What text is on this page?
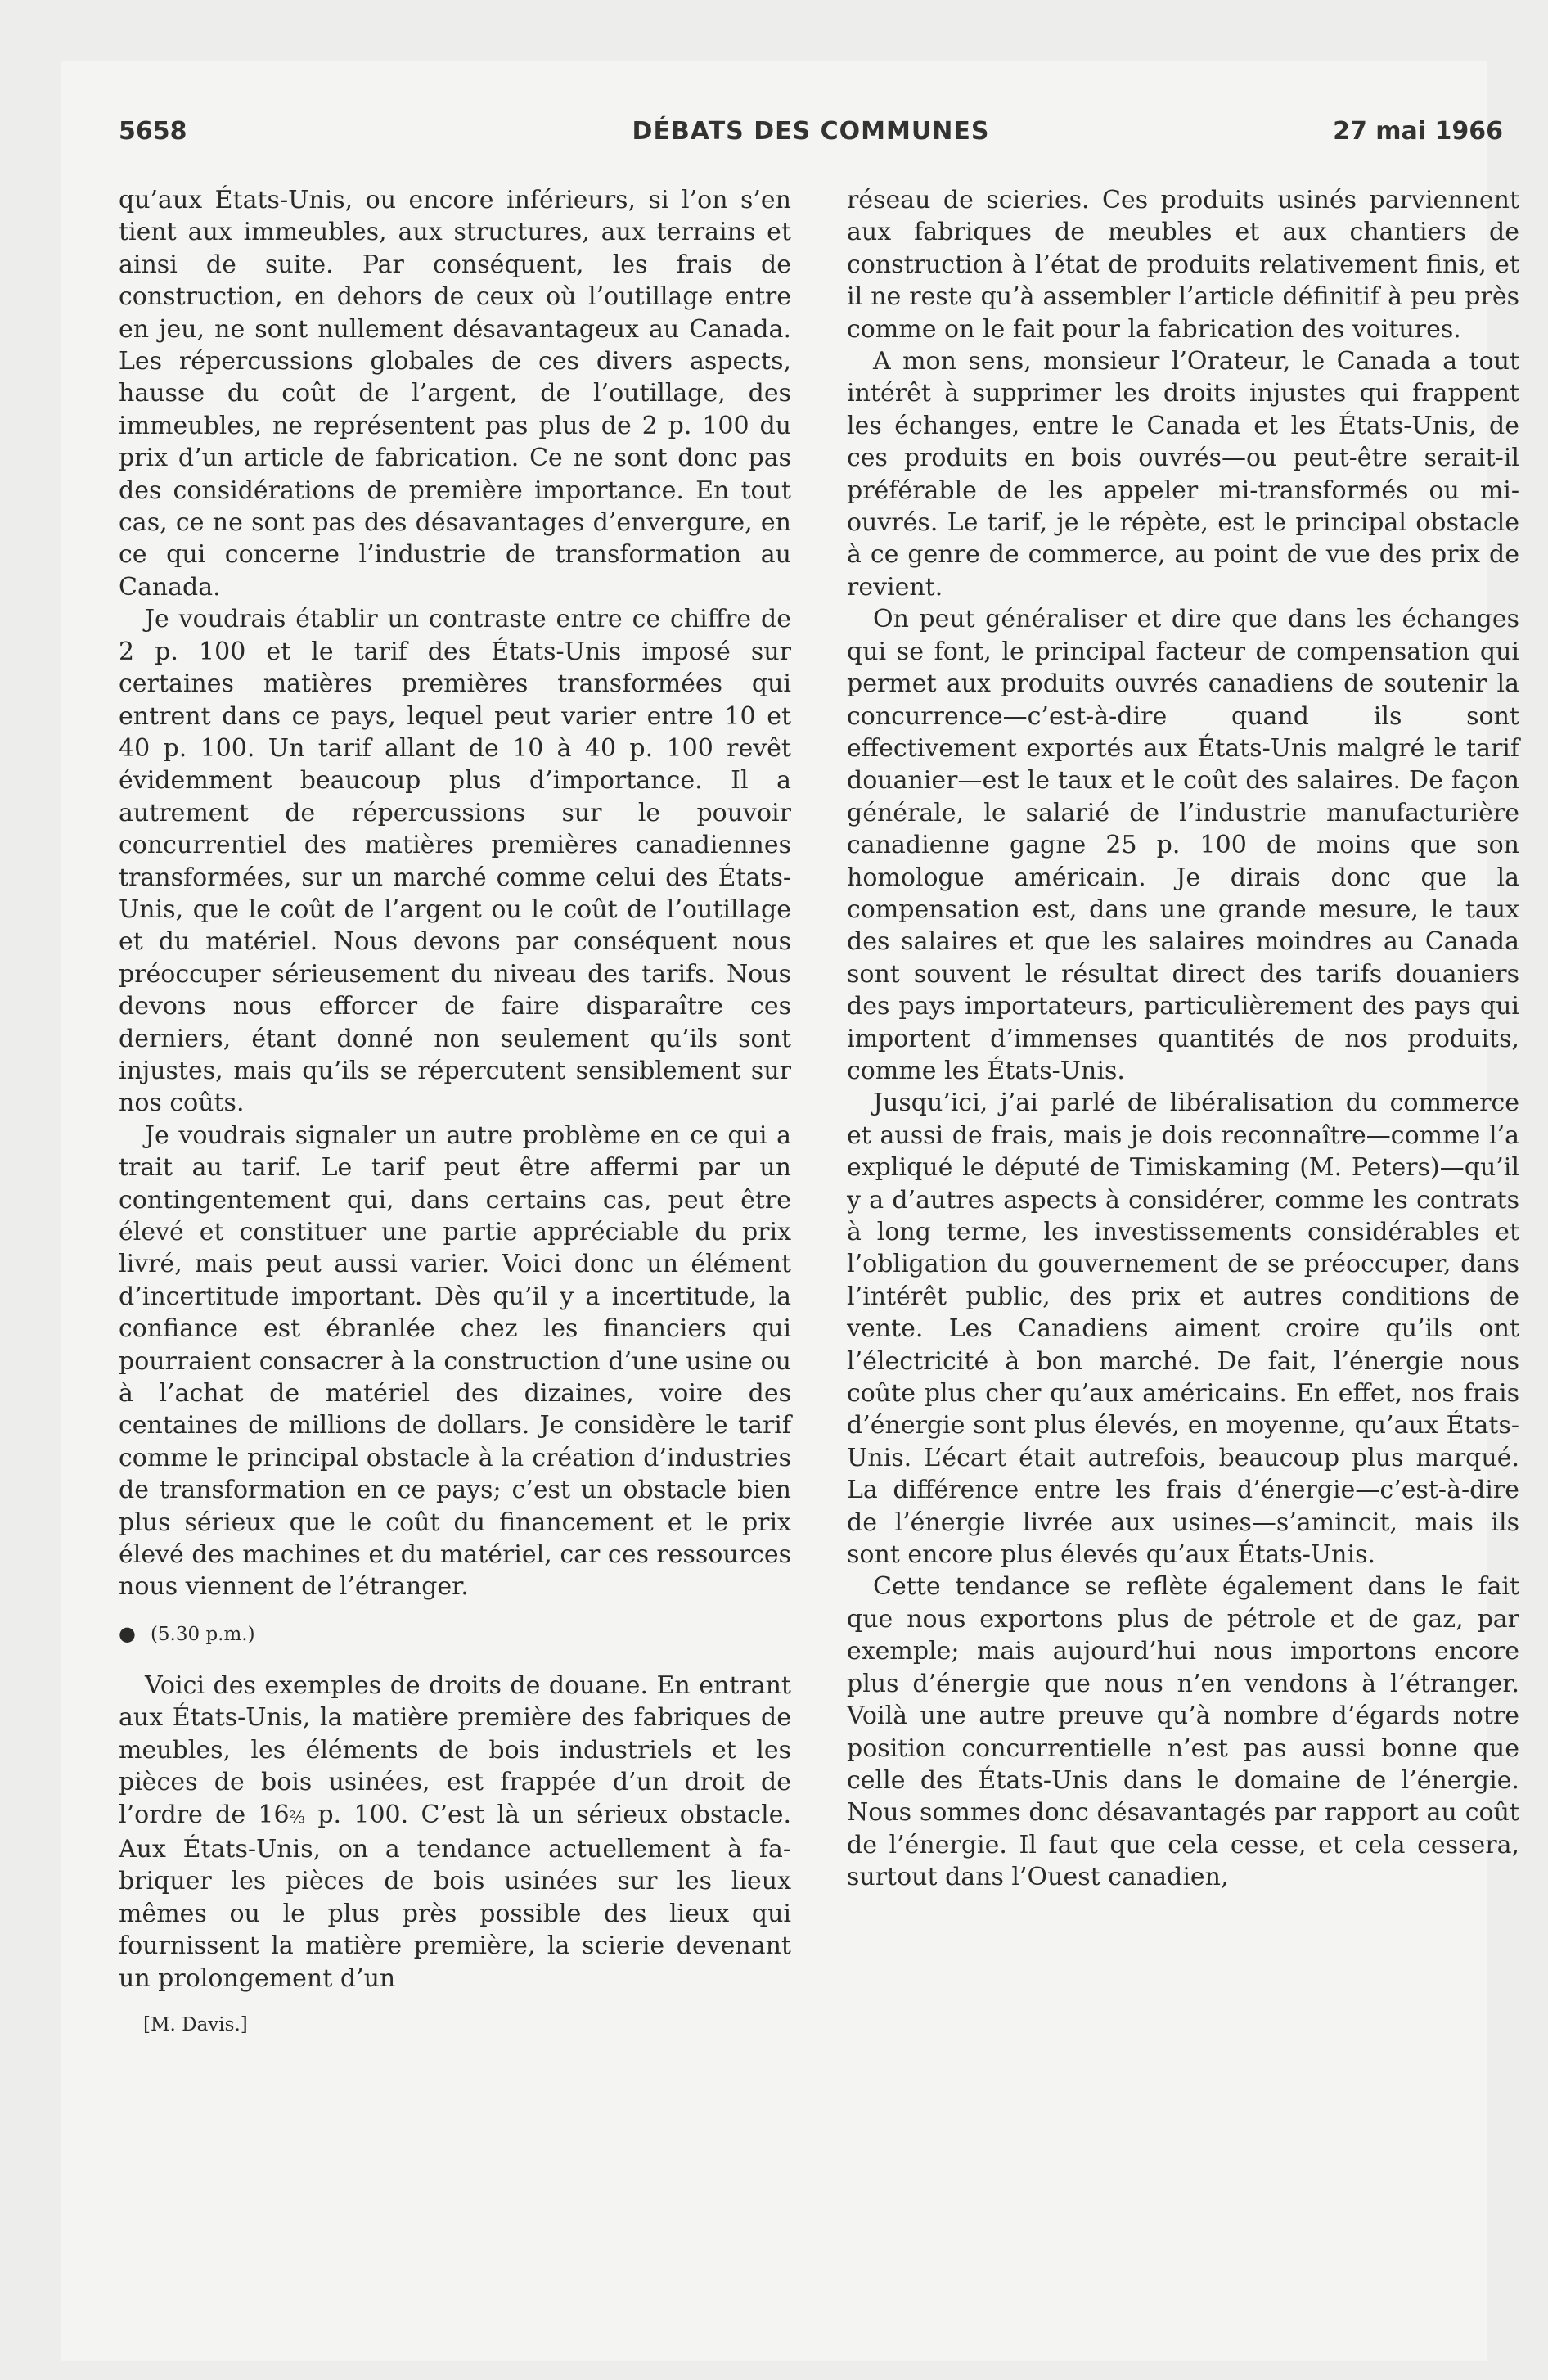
5658	DÉBATS DES COMMUNES	27 mai 1966

qu’aux États-Unis, ou encore inférieurs, si l’on s’en tient aux immeubles, aux structures, aux terrains et ainsi de suite. Par conséquent, les frais de construction, en dehors de ceux où l’outillage entre en jeu, ne sont nullement désavantageux au Canada. Les répercussions globales de ces divers aspects, hausse du coût de l’argent, de l’outillage, des immeubles, ne représentent pas plus de 2 p. 100 du prix d’un article de fabrication. Ce ne sont donc pas des considérations de première importance. En tout cas, ce ne sont pas des désavantages d’envergure, en ce qui concerne l’industrie de transformation au Canada.

Je voudrais établir un contraste entre ce chiffre de 2 p. 100 et le tarif des États-Unis imposé sur certaines matières premières transformées qui entrent dans ce pays, lequel peut varier entre 10 et 40 p. 100. Un tarif allant de 10 à 40 p. 100 revêt évidemment beaucoup plus d’importance. Il a autrement de répercussions sur le pouvoir concurrentiel des matières premières canadiennes transformées, sur un marché comme celui des États-Unis, que le coût de l’argent ou le coût de l’outillage et du matériel. Nous devons par conséquent nous préoccuper sérieusement du niveau des tarifs. Nous devons nous efforcer de faire disparaître ces derniers, étant donné non seulement qu’ils sont injustes, mais qu’ils se répercutent sensiblement sur nos coûts.

Je voudrais signaler un autre problème en ce qui a trait au tarif. Le tarif peut être affermi par un contingentement qui, dans certains cas, peut être élevé et constituer une partie appréciable du prix livré, mais peut aussi varier. Voici donc un élément d’incertitude important. Dès qu’il y a incertitude, la confiance est ébranlée chez les financiers qui pourraient consacrer à la construction d’une usine ou à l’achat de matériel des dizaines, voire des centaines de millions de dollars. Je considère le tarif comme le principal obstacle à la création d’industries de transformation en ce pays; c’est un obstacle bien plus sérieux que le coût du financement et le prix élevé des machines et du matériel, car ces ressources nous viennent de l’étranger.

● (5.30 p.m.)

Voici des exemples de droits de douane. En entrant aux États-Unis, la matière première des fabriques de meubles, les éléments de bois industriels et les pièces de bois usinées, est frappée d’un droit de l’ordre de 16⅔ p. 100. C’est là un sérieux obstacle. Aux États-Unis, on a tendance actuellement à fabriquer les pièces de bois usinées sur les lieux mêmes ou le plus près possible des lieux qui fournissent la matière première, la scierie devenant un prolongement d’un

[M. Davis.]

réseau de scieries. Ces produits usinés parviennent aux fabriques de meubles et aux chantiers de construction à l’état de produits relativement finis, et il ne reste qu’à assembler l’article définitif à peu près comme on le fait pour la fabrication des voitures.

A mon sens, monsieur l’Orateur, le Canada a tout intérêt à supprimer les droits injustes qui frappent les échanges, entre le Canada et les États-Unis, de ces produits en bois ouvrés—ou peut-être serait-il préférable de les appeler mi-transformés ou mi-ouvrés. Le tarif, je le répète, est le principal obstacle à ce genre de commerce, au point de vue des prix de revient.

On peut généraliser et dire que dans les échanges qui se font, le principal facteur de compensation qui permet aux produits ouvrés canadiens de soutenir la concurrence—c’est-à-dire quand ils sont effectivement exportés aux États-Unis malgré le tarif douanier—est le taux et le coût des salaires. De façon générale, le salarié de l’industrie manufacturière canadienne gagne 25 p. 100 de moins que son homologue américain. Je dirais donc que la compensation est, dans une grande mesure, le taux des salaires et que les salaires moindres au Canada sont souvent le résultat direct des tarifs douaniers des pays importateurs, particulièrement des pays qui importent d’immenses quantités de nos produits, comme les États-Unis.

Jusqu’ici, j’ai parlé de libéralisation du commerce et aussi de frais, mais je dois reconnaître—comme l’a expliqué le député de Timiskaming (M. Peters)—qu’il y a d’autres aspects à considérer, comme les contrats à long terme, les investissements considérables et l’obligation du gouvernement de se préoccuper, dans l’intérêt public, des prix et autres conditions de vente. Les Canadiens aiment croire qu’ils ont l’électricité à bon marché. De fait, l’énergie nous coûte plus cher qu’aux américains. En effet, nos frais d’énergie sont plus élevés, en moyenne, qu’aux États-Unis. L’écart était autrefois, beaucoup plus marqué. La différence entre les frais d’énergie—c’est-à-dire de l’énergie livrée aux usines—s’amincit, mais ils sont encore plus élevés qu’aux États-Unis.

Cette tendance se reflète également dans le fait que nous exportons plus de pétrole et de gaz, par exemple; mais aujourd’hui nous importons encore plus d’énergie que nous n’en vendons à l’étranger. Voilà une autre preuve qu’à nombre d’égards notre position concurrentielle n’est pas aussi bonne que celle des États-Unis dans le domaine de l’énergie. Nous sommes donc désavantagés par rapport au coût de l’énergie. Il faut que cela cesse, et cela cessera, surtout dans l’Ouest canadien,
